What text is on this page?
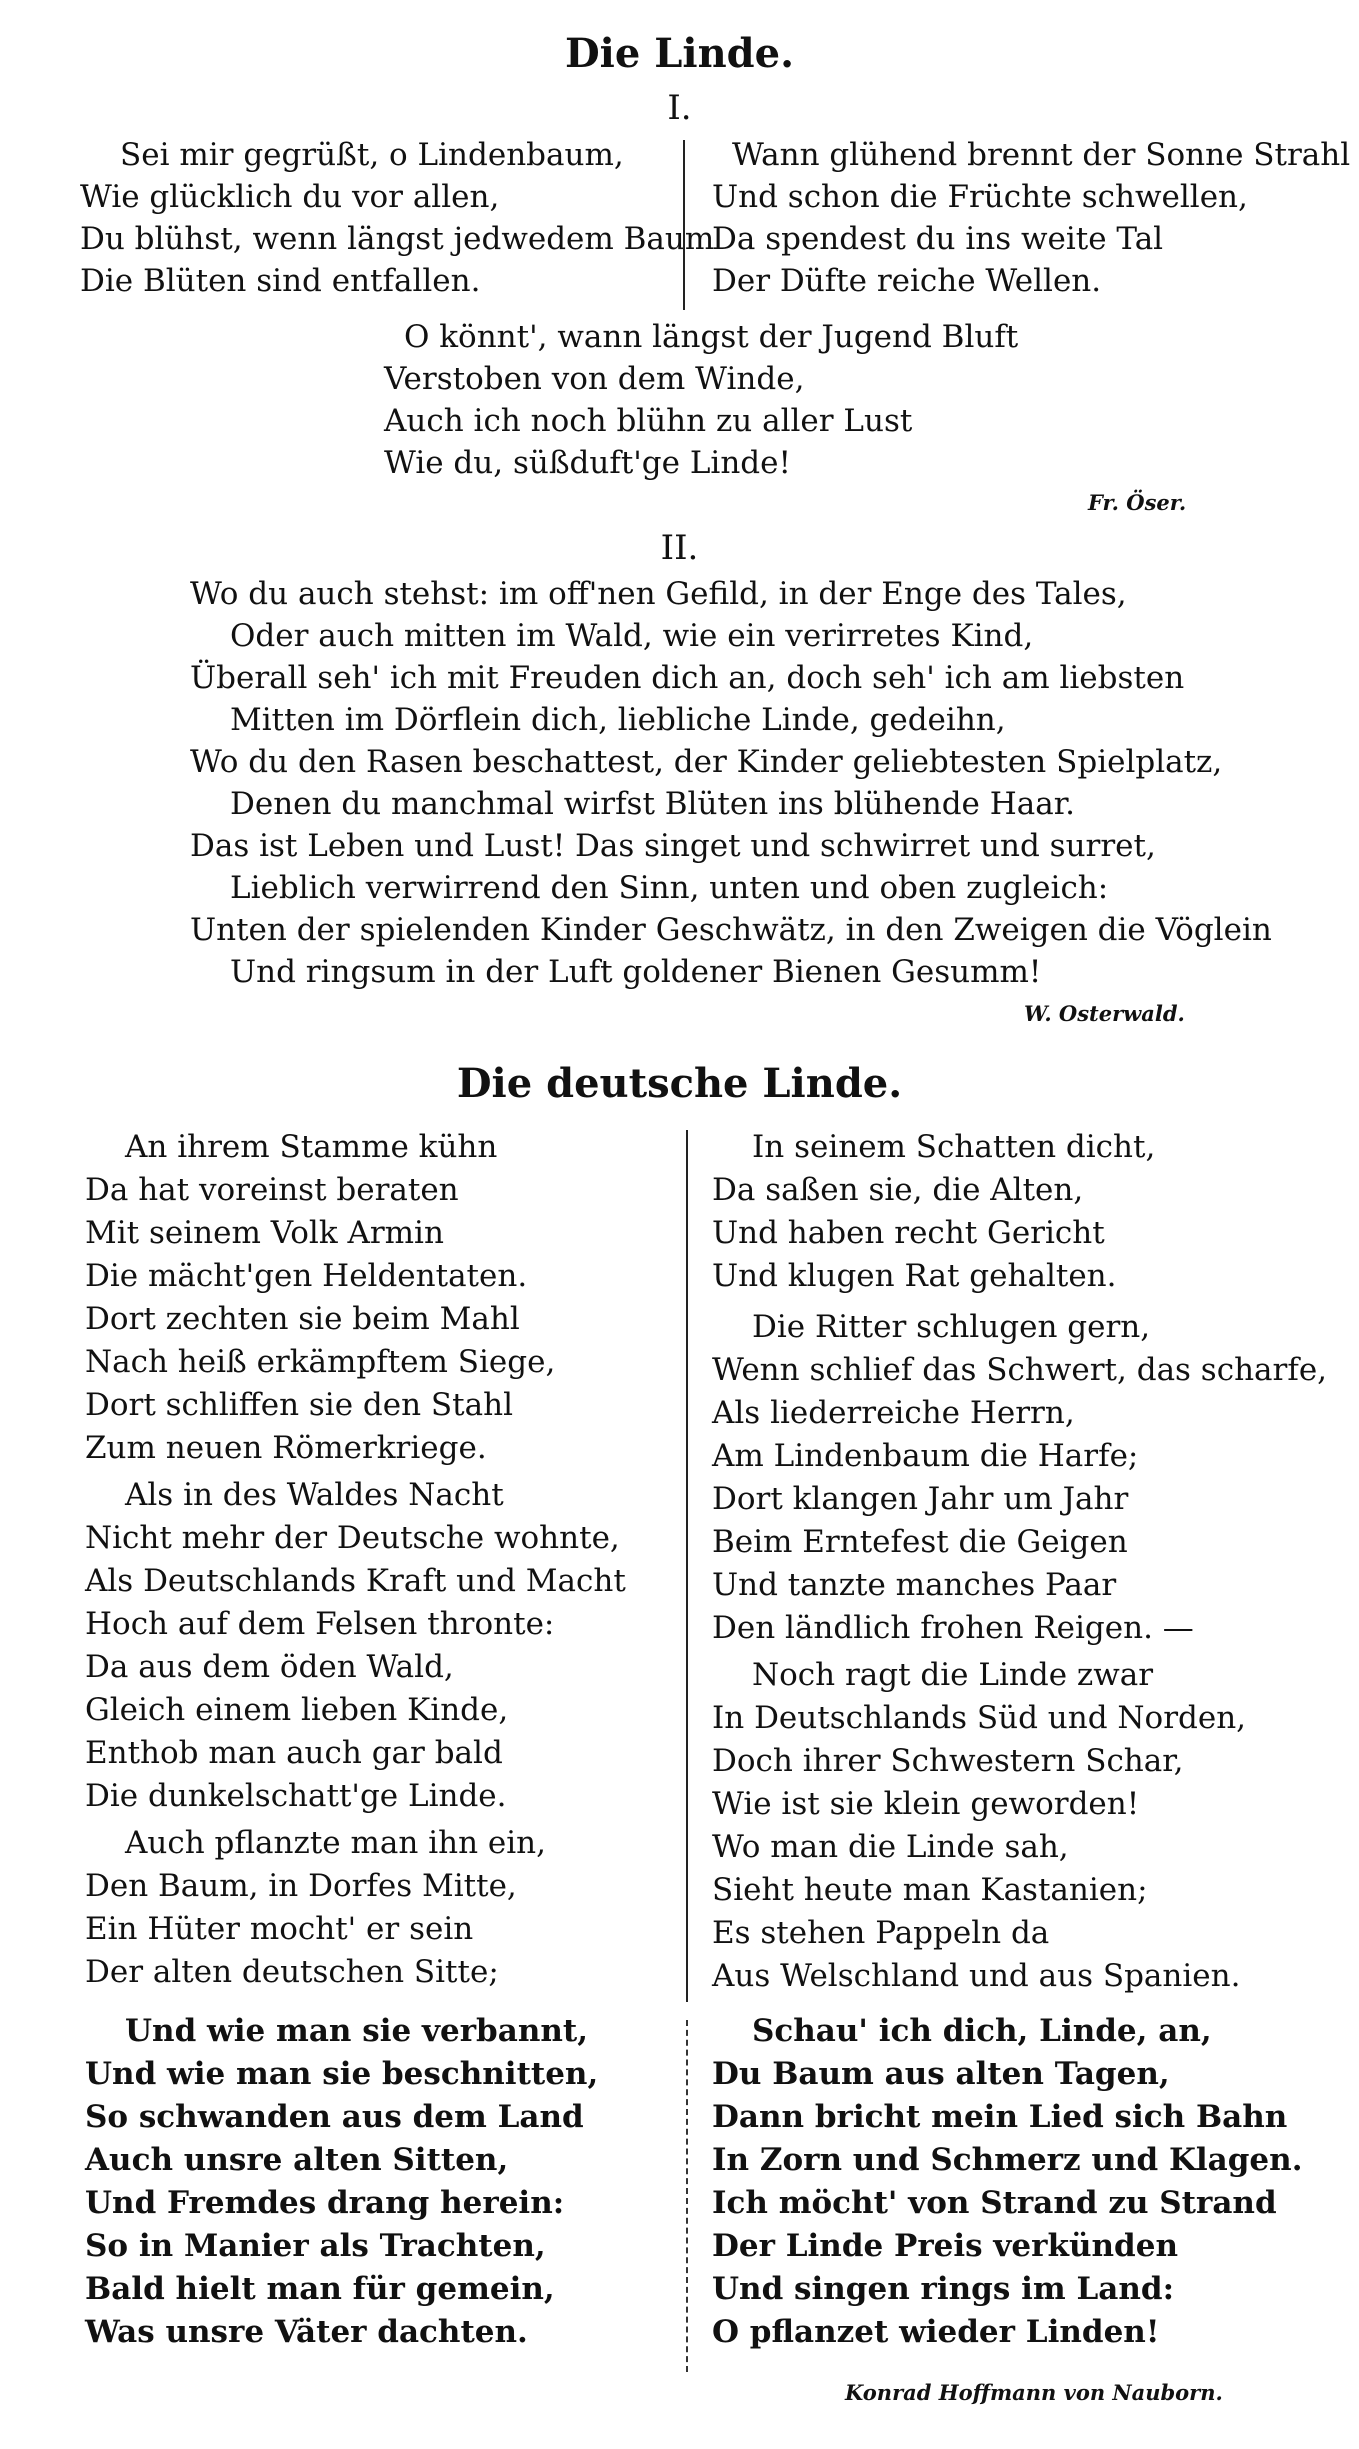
Die Linde.
I.
Sei mir gegrüßt, o Lindenbaum,
Wie glücklich du vor allen,
Du blühst, wenn längst jedwedem Baum
Die Blüten sind entfallen.
Wann glühend brennt der Sonne Strahl
Und schon die Früchte schwellen,
Da spendest du ins weite Tal
Der Düfte reiche Wellen.
O könnt', wann längst der Jugend Bluft
Verstoben von dem Winde,
Auch ich noch blühn zu aller Lust
Wie du, süßduft'ge Linde!
Fr. Öser.
II.
Wo du auch stehst: im off'nen Gefild, in der Enge des Tales,
Oder auch mitten im Wald, wie ein verirretes Kind,
Überall seh' ich mit Freuden dich an, doch seh' ich am liebsten
Mitten im Dörflein dich, liebliche Linde, gedeihn,
Wo du den Rasen beschattest, der Kinder geliebtesten Spielplatz,
Denen du manchmal wirfst Blüten ins blühende Haar.
Das ist Leben und Lust! Das singet und schwirret und surret,
Lieblich verwirrend den Sinn, unten und oben zugleich:
Unten der spielenden Kinder Geschwätz, in den Zweigen die Vöglein
Und ringsum in der Luft goldener Bienen Gesumm!
W. Osterwald.
Die deutsche Linde.
An ihrem Stamme kühn
Da hat voreinst beraten
Mit seinem Volk Armin
Die mächt'gen Heldentaten.
Dort zechten sie beim Mahl
Nach heiß erkämpftem Siege,
Dort schliffen sie den Stahl
Zum neuen Römerkriege.
Als in des Waldes Nacht
Nicht mehr der Deutsche wohnte,
Als Deutschlands Kraft und Macht
Hoch auf dem Felsen thronte:
Da aus dem öden Wald,
Gleich einem lieben Kinde,
Enthob man auch gar bald
Die dunkelschatt'ge Linde.
Auch pflanzte man ihn ein,
Den Baum, in Dorfes Mitte,
Ein Hüter mocht' er sein
Der alten deutschen Sitte;
Und wie man sie verbannt,
Und wie man sie beschnitten,
So schwanden aus dem Land
Auch unsre alten Sitten,
Und Fremdes drang herein:
So in Manier als Trachten,
Bald hielt man für gemein,
Was unsre Väter dachten.
In seinem Schatten dicht,
Da saßen sie, die Alten,
Und haben recht Gericht
Und klugen Rat gehalten.
Die Ritter schlugen gern,
Wenn schlief das Schwert, das scharfe,
Als liederreiche Herrn,
Am Lindenbaum die Harfe;
Dort klangen Jahr um Jahr
Beim Erntefest die Geigen
Und tanzte manches Paar
Den ländlich frohen Reigen. —
Noch ragt die Linde zwar
In Deutschlands Süd und Norden,
Doch ihrer Schwestern Schar,
Wie ist sie klein geworden!
Wo man die Linde sah,
Sieht heute man Kastanien;
Es stehen Pappeln da
Aus Welschland und aus Spanien.
Schau' ich dich, Linde, an,
Du Baum aus alten Tagen,
Dann bricht mein Lied sich Bahn
In Zorn und Schmerz und Klagen.
Ich möcht' von Strand zu Strand
Der Linde Preis verkünden
Und singen rings im Land:
O pflanzet wieder Linden!
Konrad Hoffmann von Nauborn.
